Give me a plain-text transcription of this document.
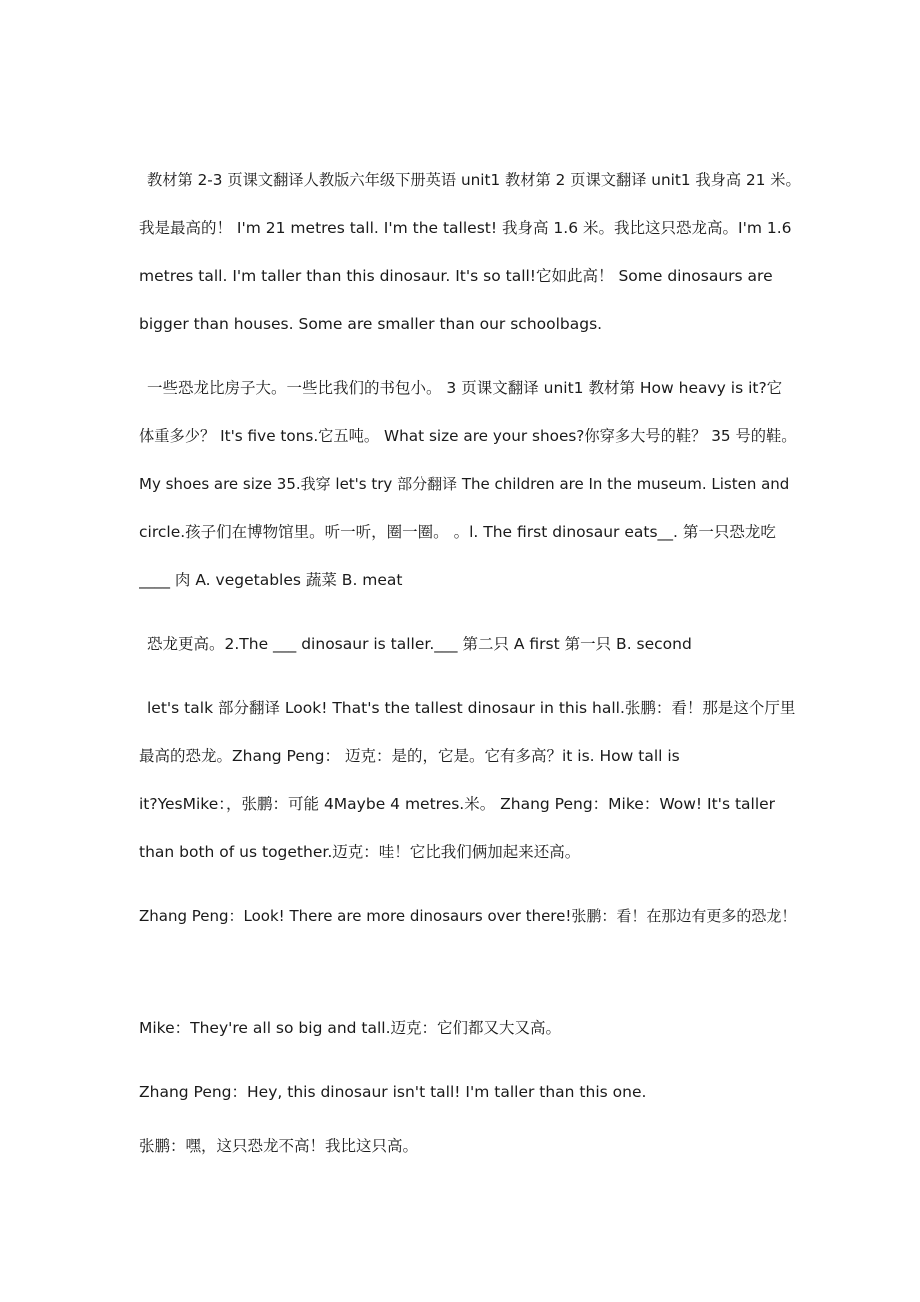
教材第 2-3 页课文翻译人教版六年级下册英语 unit1 教材第 2 页课文翻译 unit1 我身高 21 米。
我是最高的！ I'm 21 metres tall. I'm the tallest! 我身高 1.6 米。我比这只恐龙高。I'm 1.6
metres tall. I'm taller than this dinosaur. It's so tall!它如此高！ Some dinosaurs are
bigger than houses. Some are smaller than our schoolbags.
一些恐龙比房子大。一些比我们的书包小。 3 页课文翻译 unit1 教材第 How heavy is it?它
体重多少？ It's five tons.它五吨。 What size are your shoes?你穿多大号的鞋？ 35 号的鞋。
My shoes are size 35.我穿 let's try 部分翻译 The children are In the museum. Listen and
circle.孩子们在博物馆里。听一听，圈一圈。 。l. The first dinosaur eats__. 第一只恐龙吃
____ 肉 A. vegetables 蔬菜 B. meat
恐龙更高。2.The ___ dinosaur is taller.___ 第二只 A first 第一只 B. second
let's talk 部分翻译 Look! That's the tallest dinosaur in this hall.张鹏：看！那是这个厅里
最高的恐龙。Zhang Peng： 迈克：是的，它是。它有多高？it is. How tall is
it?YesMike：，张鹏：可能 4Maybe 4 metres.米。 Zhang Peng：Mike：Wow! It's taller
than both of us together.迈克：哇！它比我们俩加起来还高。
Zhang Peng：Look! There are more dinosaurs over there!张鹏：看！在那边有更多的恐龙！
Mike：They're all so big and tall.迈克：它们都又大又高。
Zhang Peng：Hey, this dinosaur isn't tall! I'm taller than this one.
张鹏：嘿，这只恐龙不高！我比这只高。
